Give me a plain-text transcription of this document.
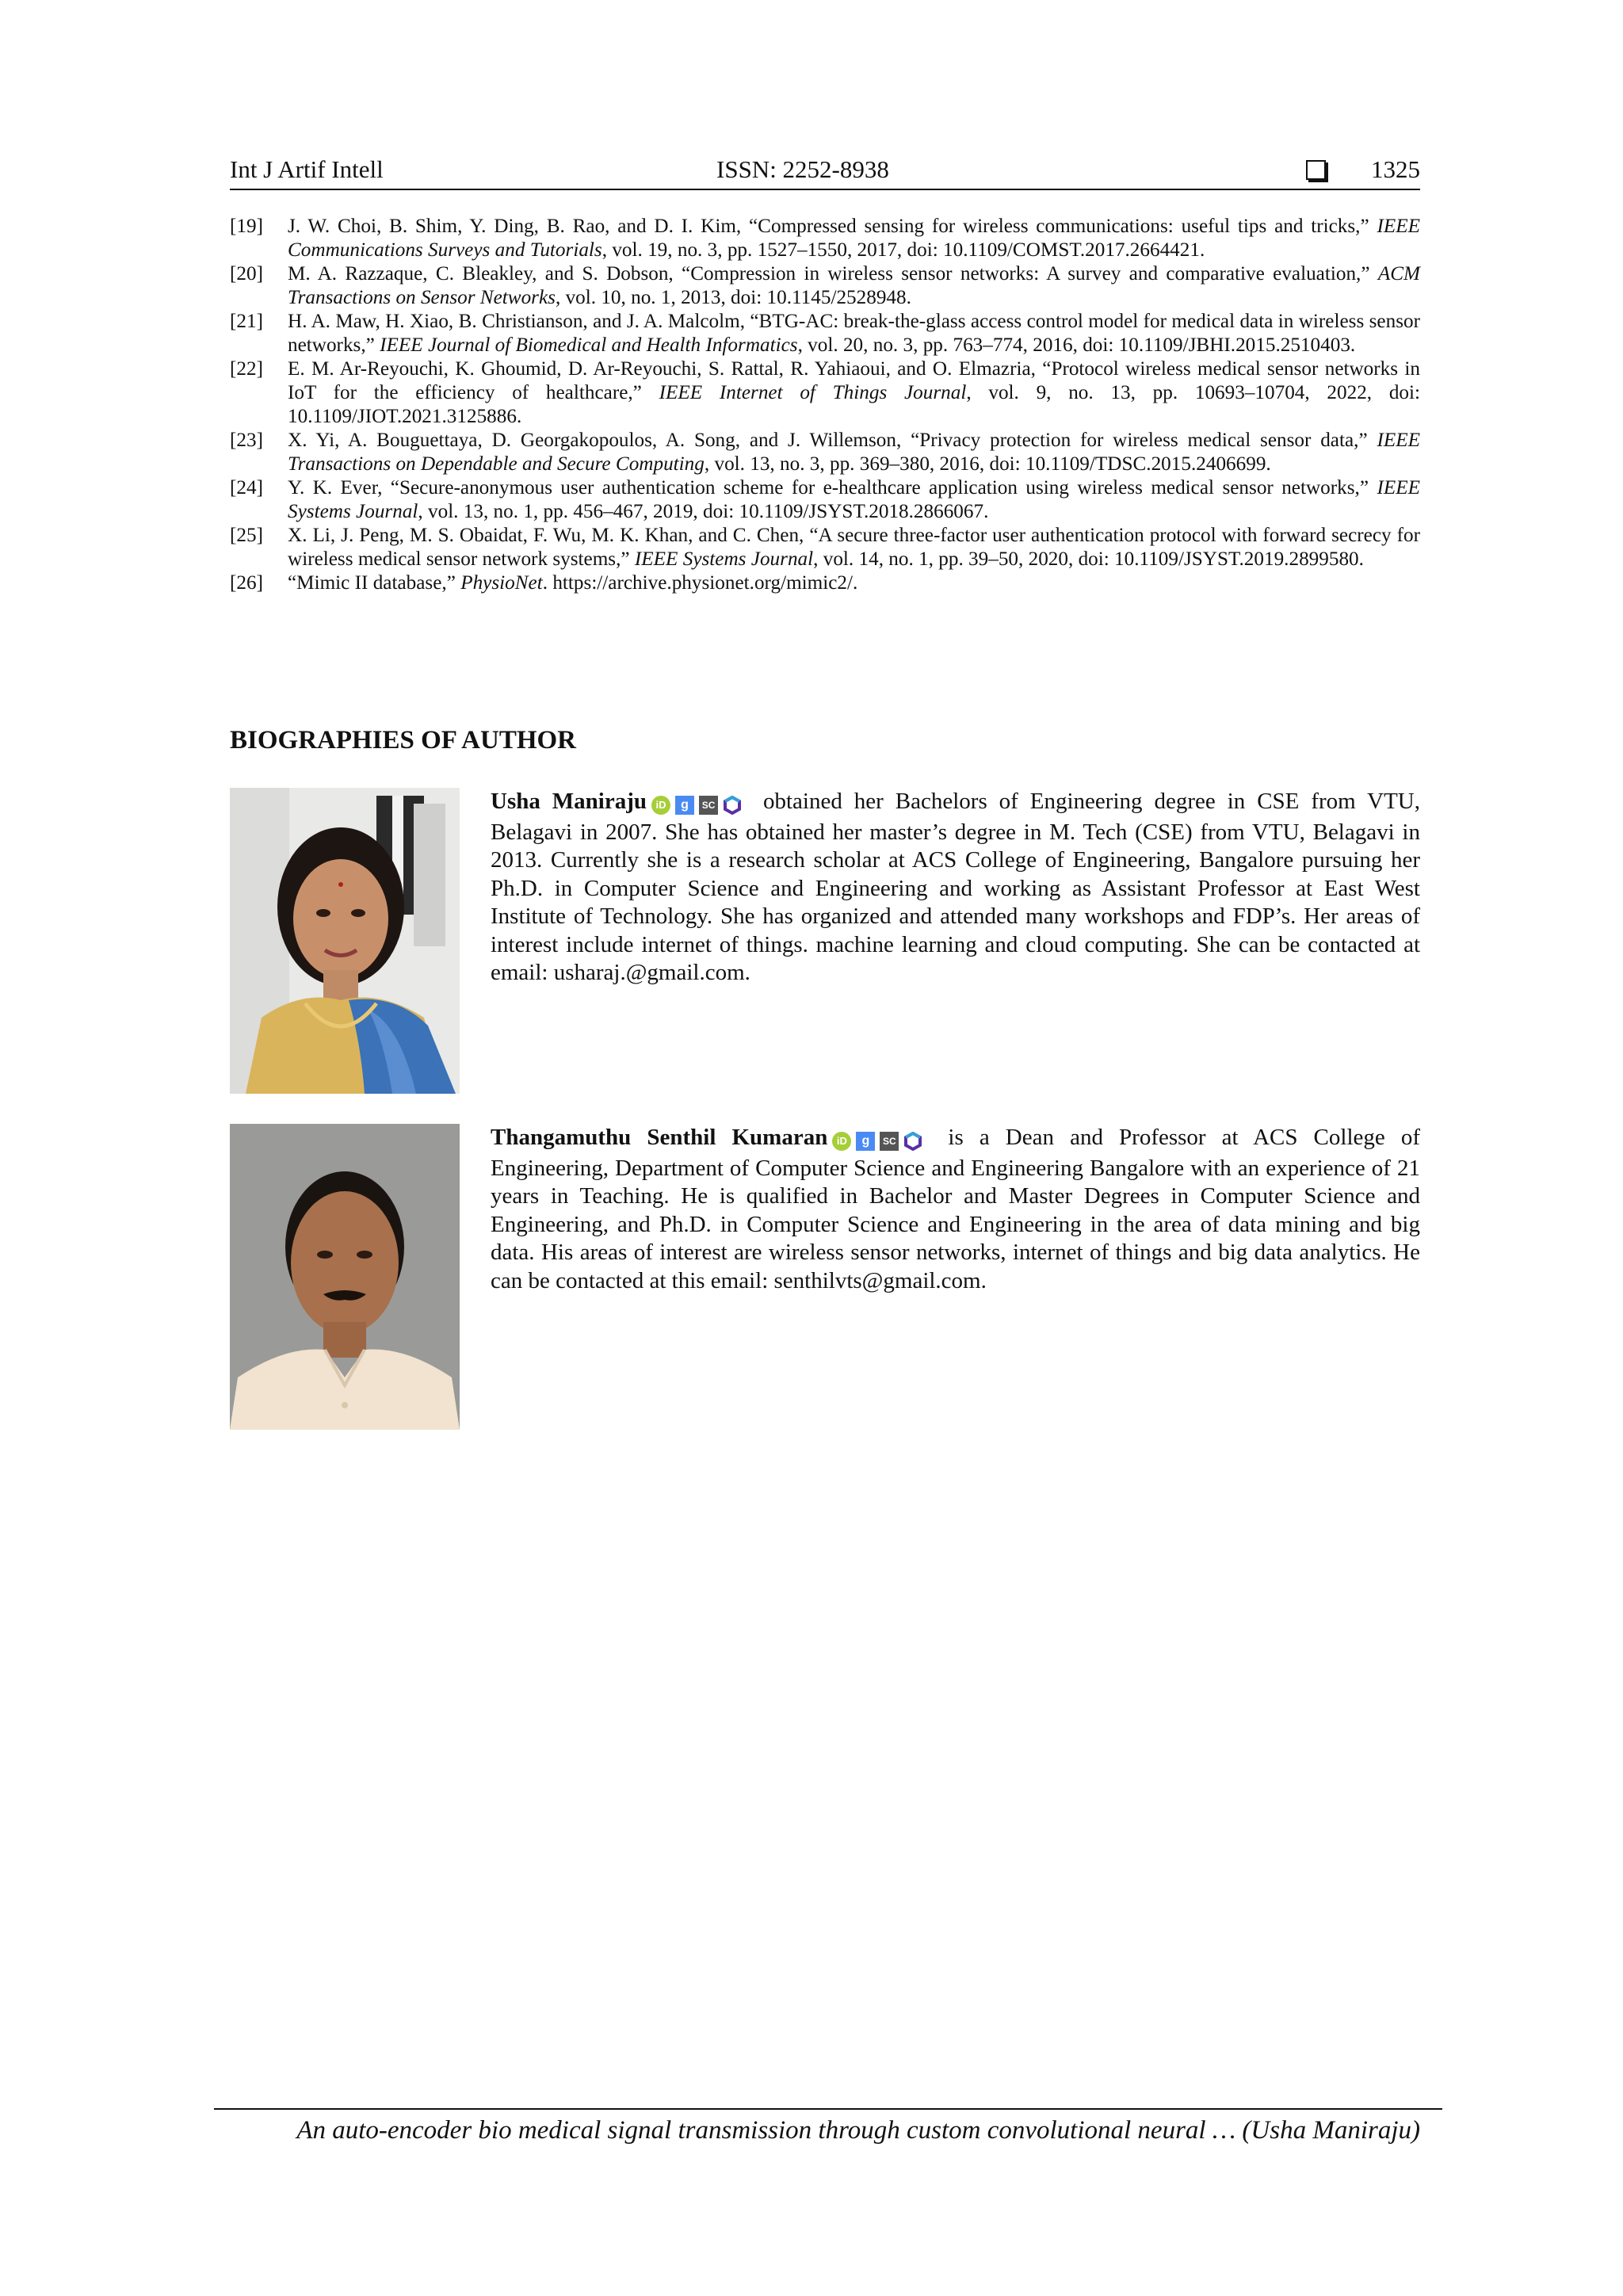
Int J Artif Intell	ISSN: 2252-8938	1325
[19]	J. W. Choi, B. Shim, Y. Ding, B. Rao, and D. I. Kim, “Compressed sensing for wireless communications: useful tips and tricks,” IEEE Communications Surveys and Tutorials, vol. 19, no. 3, pp. 1527–1550, 2017, doi: 10.1109/COMST.2017.2664421.
[20]	M. A. Razzaque, C. Bleakley, and S. Dobson, “Compression in wireless sensor networks: A survey and comparative evaluation,” ACM Transactions on Sensor Networks, vol. 10, no. 1, 2013, doi: 10.1145/2528948.
[21]	H. A. Maw, H. Xiao, B. Christianson, and J. A. Malcolm, “BTG-AC: break-the-glass access control model for medical data in wireless sensor networks,” IEEE Journal of Biomedical and Health Informatics, vol. 20, no. 3, pp. 763–774, 2016, doi: 10.1109/JBHI.2015.2510403.
[22]	E. M. Ar-Reyouchi, K. Ghoumid, D. Ar-Reyouchi, S. Rattal, R. Yahiaoui, and O. Elmazria, “Protocol wireless medical sensor networks in IoT for the efficiency of healthcare,” IEEE Internet of Things Journal, vol. 9, no. 13, pp. 10693–10704, 2022, doi: 10.1109/JIOT.2021.3125886.
[23]	X. Yi, A. Bouguettaya, D. Georgakopoulos, A. Song, and J. Willemson, “Privacy protection for wireless medical sensor data,” IEEE Transactions on Dependable and Secure Computing, vol. 13, no. 3, pp. 369–380, 2016, doi: 10.1109/TDSC.2015.2406699.
[24]	Y. K. Ever, “Secure-anonymous user authentication scheme for e-healthcare application using wireless medical sensor networks,” IEEE Systems Journal, vol. 13, no. 1, pp. 456–467, 2019, doi: 10.1109/JSYST.2018.2866067.
[25]	X. Li, J. Peng, M. S. Obaidat, F. Wu, M. K. Khan, and C. Chen, “A secure three-factor user authentication protocol with forward secrecy for wireless medical sensor network systems,” IEEE Systems Journal, vol. 14, no. 1, pp. 39–50, 2020, doi: 10.1109/JSYST.2019.2899580.
[26]	“Mimic II database,” PhysioNet. https://archive.physionet.org/mimic2/.
BIOGRAPHIES OF AUTHOR
Usha Maniraju iD g SC obtained her Bachelors of Engineering degree in CSE from VTU, Belagavi in 2007. She has obtained her master’s degree in M. Tech (CSE) from VTU, Belagavi in 2013. Currently she is a research scholar at ACS College of Engineering, Bangalore pursuing her Ph.D. in Computer Science and Engineering and working as Assistant Professor at East West Institute of Technology. She has organized and attended many workshops and FDP’s. Her areas of interest include internet of things. machine learning and cloud computing. She can be contacted at email: usharaj.@gmail.com.
Thangamuthu Senthil Kumaran iD g SC is a Dean and Professor at ACS College of Engineering, Department of Computer Science and Engineering Bangalore with an experience of 21 years in Teaching. He is qualified in Bachelor and Master Degrees in Computer Science and Engineering, and Ph.D. in Computer Science and Engineering in the area of data mining and big data. His areas of interest are wireless sensor networks, internet of things and big data analytics. He can be contacted at this email: senthilvts@gmail.com.
An auto-encoder bio medical signal transmission through custom convolutional neural … (Usha Maniraju)
